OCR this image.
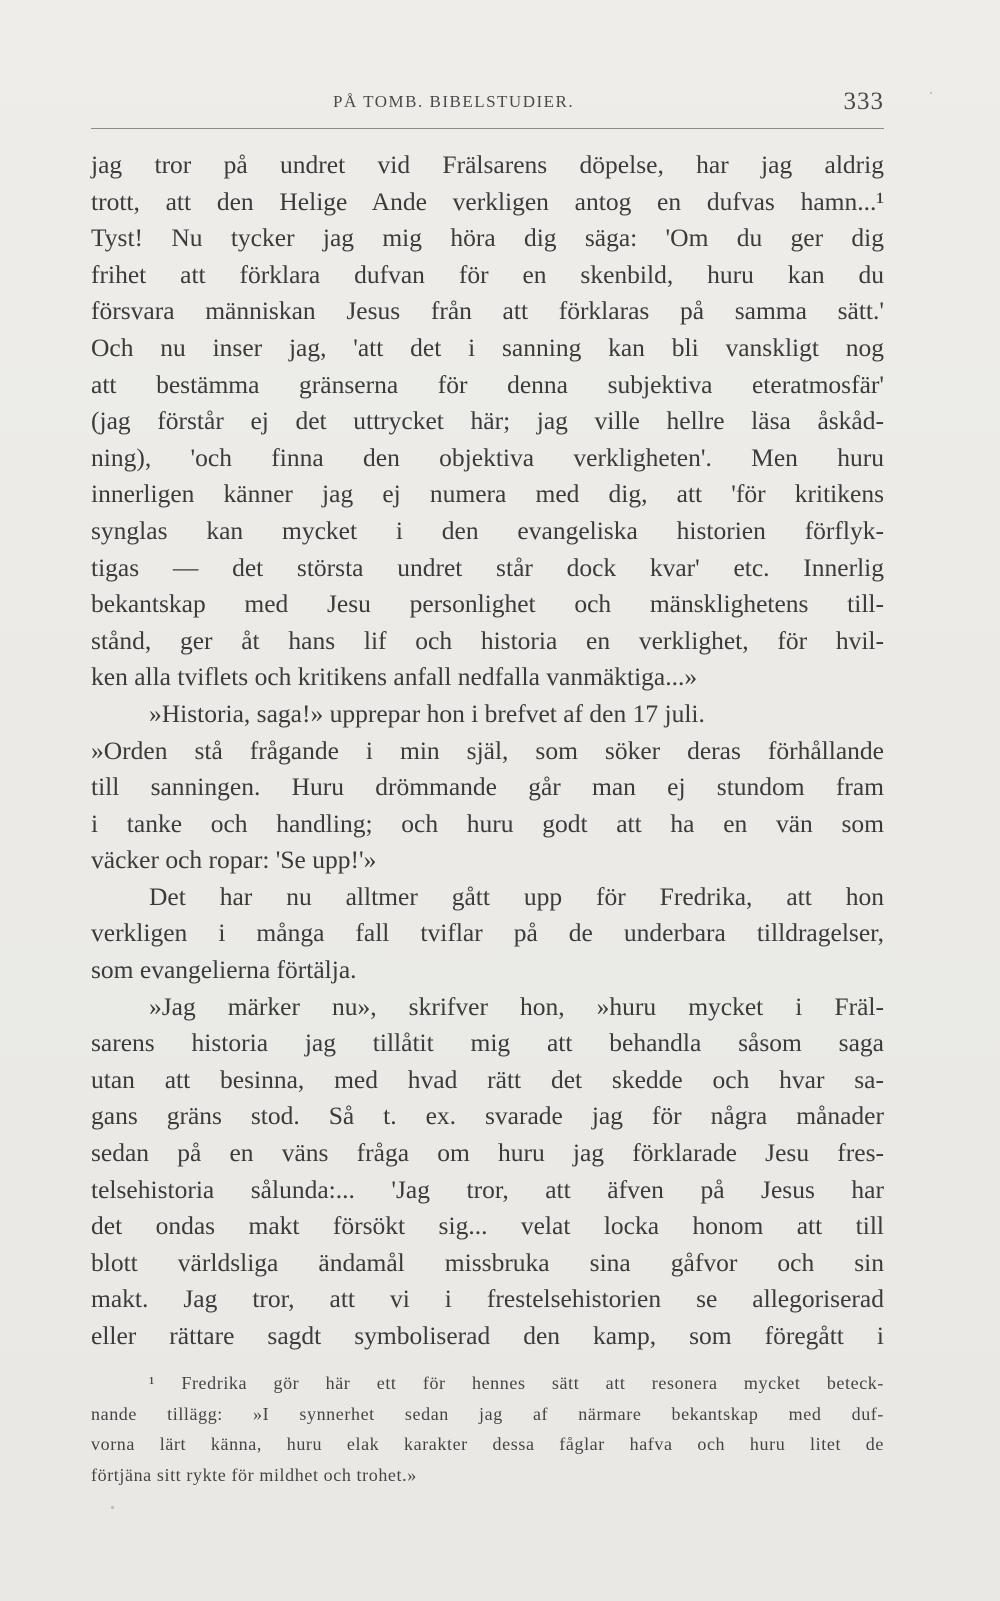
PÅ TOMB. BIBELSTUDIER.	333
jag tror på undret vid Frälsarens döpelse, har jag aldrig
trott, att den Helige Ande verkligen antog en dufvas hamn...¹
Tyst! Nu tycker jag mig höra dig säga: 'Om du ger dig
frihet att förklara dufvan för en skenbild, huru kan du
försvara människan Jesus från att förklaras på samma sätt.'
Och nu inser jag, 'att det i sanning kan bli vanskligt nog
att bestämma gränserna för denna subjektiva eteratmosfär'
(jag förstår ej det uttrycket här; jag ville hellre läsa åskåd-
ning), 'och finna den objektiva verkligheten'. Men huru
innerligen känner jag ej numera med dig, att 'för kritikens
synglas kan mycket i den evangeliska historien förflyk-
tigas — det största undret står dock kvar' etc. Innerlig
bekantskap med Jesu personlighet och mänsklighetens till-
stånd, ger åt hans lif och historia en verklighet, för hvil-
ken alla tviflets och kritikens anfall nedfalla vanmäktiga...»
»Historia, saga!» upprepar hon i brefvet af den 17 juli.
»Orden stå frågande i min själ, som söker deras förhållande
till sanningen. Huru drömmande går man ej stundom fram
i tanke och handling; och huru godt att ha en vän som
väcker och ropar: 'Se upp!'»
Det har nu alltmer gått upp för Fredrika, att hon
verkligen i många fall tviflar på de underbara tilldragelser,
som evangelierna förtälja.
»Jag märker nu», skrifver hon, »huru mycket i Fräl-
sarens historia jag tillåtit mig att behandla såsom saga
utan att besinna, med hvad rätt det skedde och hvar sa-
gans gräns stod. Så t. ex. svarade jag för några månader
sedan på en väns fråga om huru jag förklarade Jesu fres-
telsehistoria sålunda:... 'Jag tror, att äfven på Jesus har
det ondas makt försökt sig... velat locka honom att till
blott världsliga ändamål missbruka sina gåfvor och sin
makt. Jag tror, att vi i frestelsehistorien se allegoriserad
eller rättare sagdt symboliserad den kamp, som föregått i
¹ Fredrika gör här ett för hennes sätt att resonera mycket beteck-
nande tillägg: »I synnerhet sedan jag af närmare bekantskap med duf-
vorna lärt känna, huru elak karakter dessa fåglar hafva och huru litet de
förtjäna sitt rykte för mildhet och trohet.»
